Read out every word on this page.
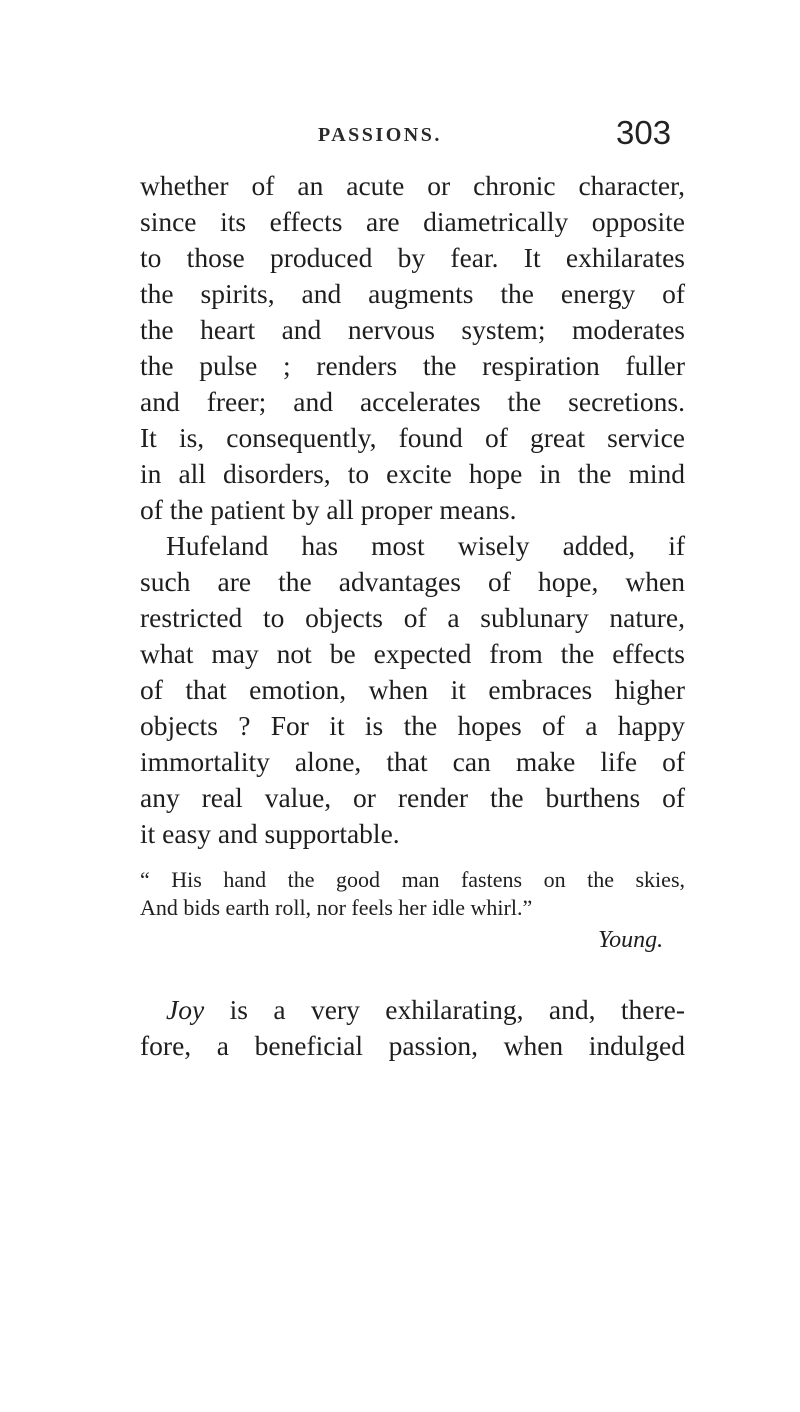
PASSIONS.	303
whether of an acute or chronic character,
since its effects are diametrically opposite
to those produced by fear. It exhilarates
the spirits, and augments the energy of
the heart and nervous system; moderates
the pulse ; renders the respiration fuller
and freer; and accelerates the secretions.
It is, consequently, found of great service
in all disorders, to excite hope in the mind
of the patient by all proper means.
Hufeland has most wisely added, if
such are the advantages of hope, when
restricted to objects of a sublunary nature,
what may not be expected from the effects
of that emotion, when it embraces higher
objects ? For it is the hopes of a happy
immortality alone, that can make life of
any real value, or render the burthens of
it easy and supportable.
“ His hand the good man fastens on the skies,
And bids earth roll, nor feels her idle whirl.”
Young.
Joy is a very exhilarating, and, there-
fore, a beneficial passion, when indulged
